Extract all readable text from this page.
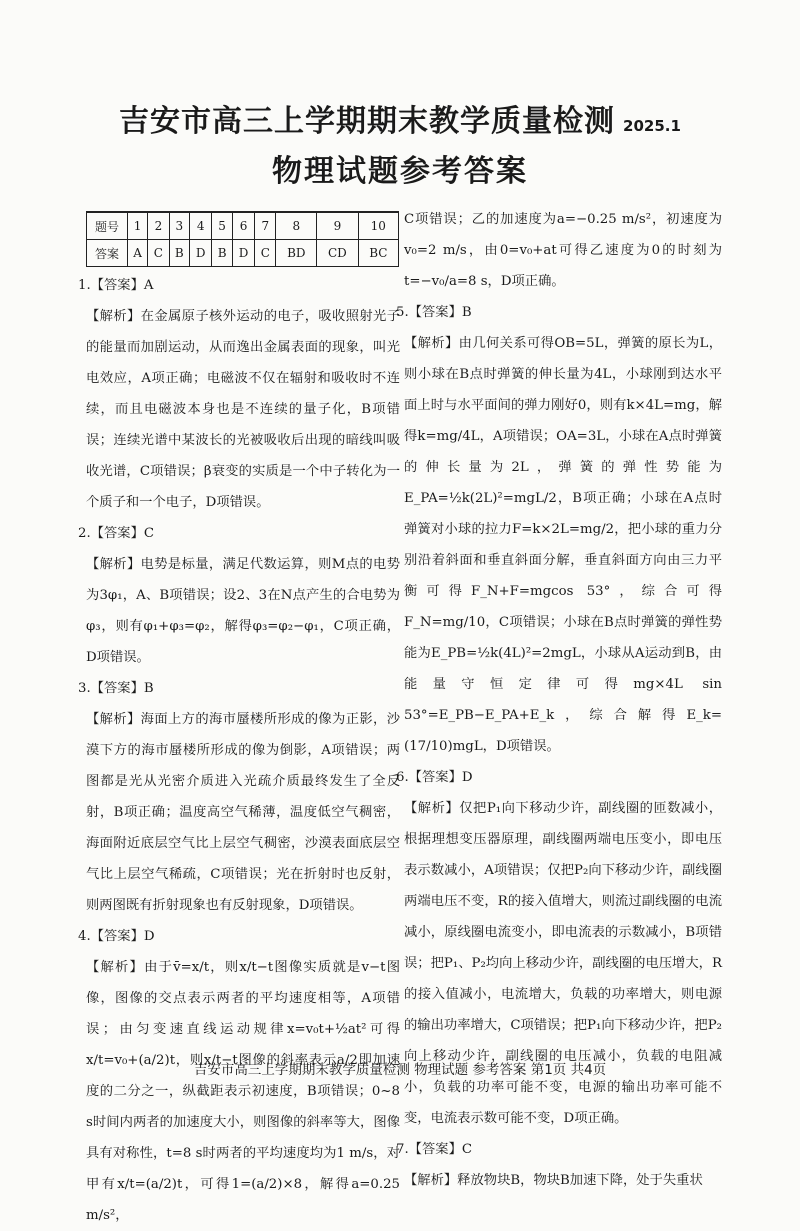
吉安市高三上学期期末教学质量检测 2025.1
物理试题参考答案
题号	1	2	3	4	5	6	7	8	9	10
答案	A	C	B	D	B	D	C	BD	CD	BC

1.【答案】A

【解析】在金属原子核外运动的电子，吸收照射光子的能量而加剧运动，从而逸出金属表面的现象，叫光电效应，A项正确；电磁波不仅在辐射和吸收时不连续，而且电磁波本身也是不连续的量子化，B项错误；连续光谱中某波长的光被吸收后出现的暗线叫吸收光谱，C项错误；β衰变的实质是一个中子转化为一个质子和一个电子，D项错误。

2.【答案】C

【解析】电势是标量，满足代数运算，则M点的电势为3φ₁，A、B项错误；设2、3在N点产生的合电势为φ₃，则有φ₁+φ₃=φ₂，解得φ₃=φ₂−φ₁，C项正确，D项错误。

3.【答案】B

【解析】海面上方的海市蜃楼所形成的像为正影，沙漠下方的海市蜃楼所形成的像为倒影，A项错误；两图都是光从光密介质进入光疏介质最终发生了全反射，B项正确；温度高空气稀薄，温度低空气稠密，海面附近底层空气比上层空气稠密，沙漠表面底层空气比上层空气稀疏，C项错误；光在折射时也反射，则两图既有折射现象也有反射现象，D项错误。

4.【答案】D

【解析】由于v̄=x/t，则x/t−t图像实质就是v−t图像，图像的交点表示两者的平均速度相等，A项错误；由匀变速直线运动规律x=v₀t+½at²可得x/t=v₀+(a/2)t，则x/t−t图像的斜率表示a/2即加速度的二分之一，纵截距表示初速度，B项错误；0~8 s时间内两者的加速度大小，则图像的斜率等大，图像具有对称性，t=8 s时两者的平均速度均为1 m/s，对甲有x/t=(a/2)t，可得1=(a/2)×8，解得a=0.25 m/s²，

C项错误；乙的加速度为a=−0.25 m/s²，初速度为v₀=2 m/s，由0=v₀+at可得乙速度为0的时刻为t=−v₀/a=8 s，D项正确。

5.【答案】B

【解析】由几何关系可得OB=5L，弹簧的原长为L，则小球在B点时弹簧的伸长量为4L，小球刚到达水平面上时与水平面间的弹力刚好0，则有k×4L=mg，解得k=mg/4L，A项错误；OA=3L，小球在A点时弹簧的伸长量为2L，弹簧的弹性势能为E_PA=½k(2L)²=mgL/2，B项正确；小球在A点时弹簧对小球的拉力F=k×2L=mg/2，把小球的重力分别沿着斜面和垂直斜面分解，垂直斜面方向由三力平衡可得F_N+F=mgcos 53°，综合可得F_N=mg/10，C项错误；小球在B点时弹簧的弹性势能为E_PB=½k(4L)²=2mgL，小球从A运动到B，由能量守恒定律可得mg×4L sin 53°=E_PB−E_PA+E_k，综合解得E_k=(17/10)mgL，D项错误。

6.【答案】D

【解析】仅把P₁向下移动少许，副线圈的匝数减小，根据理想变压器原理，副线圈两端电压变小，即电压表示数减小，A项错误；仅把P₂向下移动少许，副线圈两端电压不变，R的接入值增大，则流过副线圈的电流减小，原线圈电流变小，即电流表的示数减小，B项错误；把P₁、P₂均向上移动少许，副线圈的电压增大，R的接入值减小，电流增大，负载的功率增大，则电源的输出功率增大，C项错误；把P₁向下移动少许，把P₂向上移动少许，副线圈的电压减小，负载的电阻减小，负载的功率可能不变，电源的输出功率可能不变，电流表示数可能不变，D项正确。

7.【答案】C

【解析】释放物块B，物块B加速下降，处于失重状

吉安市高三上学期期末教学质量检测 物理试题 参考答案 第1页 共4页
